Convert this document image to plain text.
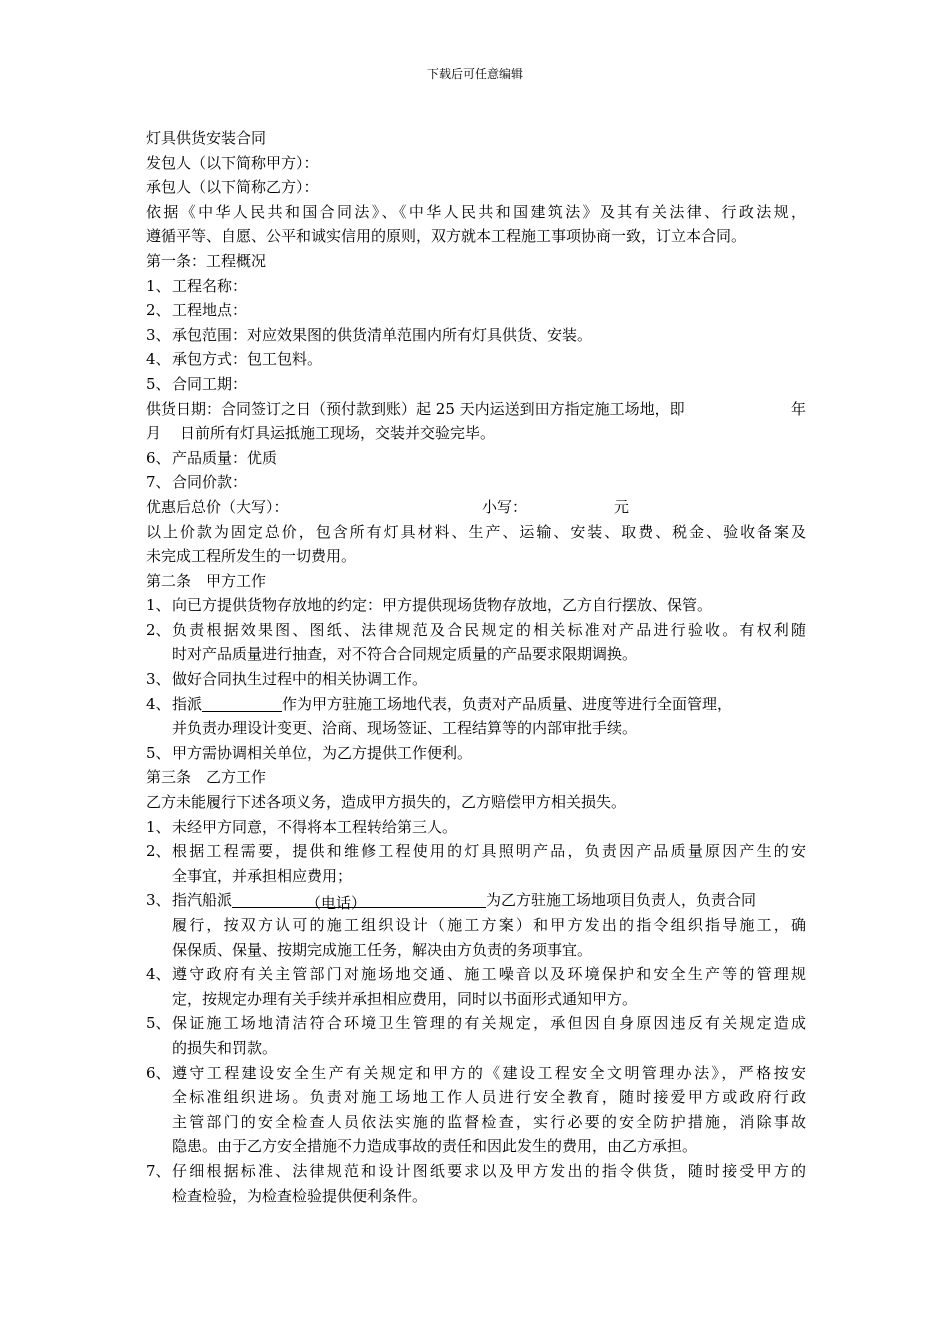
下载后可任意编辑
灯具供货安装合同
发包人（以下简称甲方）：
承包人（以下简称乙方）：
依据《中华人民共和国合同法》、《中华人民共和国建筑法》及其有关法律、行政法规，
遵循平等、自愿、公平和诚实信用的原则，双方就本工程施工事项协商一致，订立本合同。
第一条：工程概况
1、 工程名称：
2、 工程地点：
3、 承包范围：对应效果图的供货清单范围内所有灯具供货、安装。
4、 承包方式：包工包料。
5、 合同工期：
供货日期：合同签订之日（预付款到账）起 25 天内运送到田方指定施工场地，即	年
月 日前所有灯具运抵施工现场，交装并交验完毕。
6、 产品质量：优质
7、 合同价款：
优惠后总价（大写）：	小写：	元
以上价款为固定总价，包含所有灯具材料、生产、运输、安装、取费、税金、验收备案及
未完成工程所发生的一切费用。
第二条 甲方工作
1、 向已方提供货物存放地的约定：甲方提供现场货物存放地，乙方自行摆放、保管。
2、 负责根据效果图、图纸、法律规范及合民规定的相关标准对产品进行验收。有权利随
时对产品质量进行抽查，对不符合合同规定质量的产品要求限期调换。
3、 做好合同执生过程中的相关协调工作。
4、 指派	作为甲方驻施工场地代表，负责对产品质量、进度等进行全面管理，
并负责办理设计变更、洽商、现场签证、工程结算等的内部审批手续。
5、 甲方需协调相关单位，为乙方提供工作便利。
第三条 乙方工作
乙方未能履行下述各项义务，造成甲方损失的，乙方赔偿甲方相关损失。
1、 未经甲方同意，不得将本工程转给第三人。
2、 根据工程需要，提供和维修工程使用的灯具照明产品，负责因产品质量原因产生的安
全事宜，并承担相应费用；
3、 指汽船派	（电话）	为乙方驻施工场地项目负责人，负责合同
履行，按双方认可的施工组织设计（施工方案）和甲方发出的指令组织指导施工，确
保保质、保量、按期完成施工任务，解决由方负责的务项事宜。
4、 遵守政府有关主管部门对施场地交通、施工噪音以及环境保护和安全生产等的管理规
定，按规定办理有关手续并承担相应费用，同时以书面形式通知甲方。
5、 保证施工场地清洁符合环境卫生管理的有关规定，承但因自身原因违反有关规定造成
的损失和罚款。
6、 遵守工程建设安全生产有关规定和甲方的《建设工程安全文明管理办法》，严格按安
全标准组织进场。负责对施工场地工作人员进行安全教育，随时接爱甲方或政府行政
主管部门的安全检查人员依法实施的监督检查，实行必要的安全防护措施，消除事故
隐患。由于乙方安全措施不力造成事故的责任和因此发生的费用，由乙方承担。
7、 仔细根据标准、法律规范和设计图纸要求以及甲方发出的指令供货，随时接受甲方的
检查检验，为检查检验提供便利条件。
